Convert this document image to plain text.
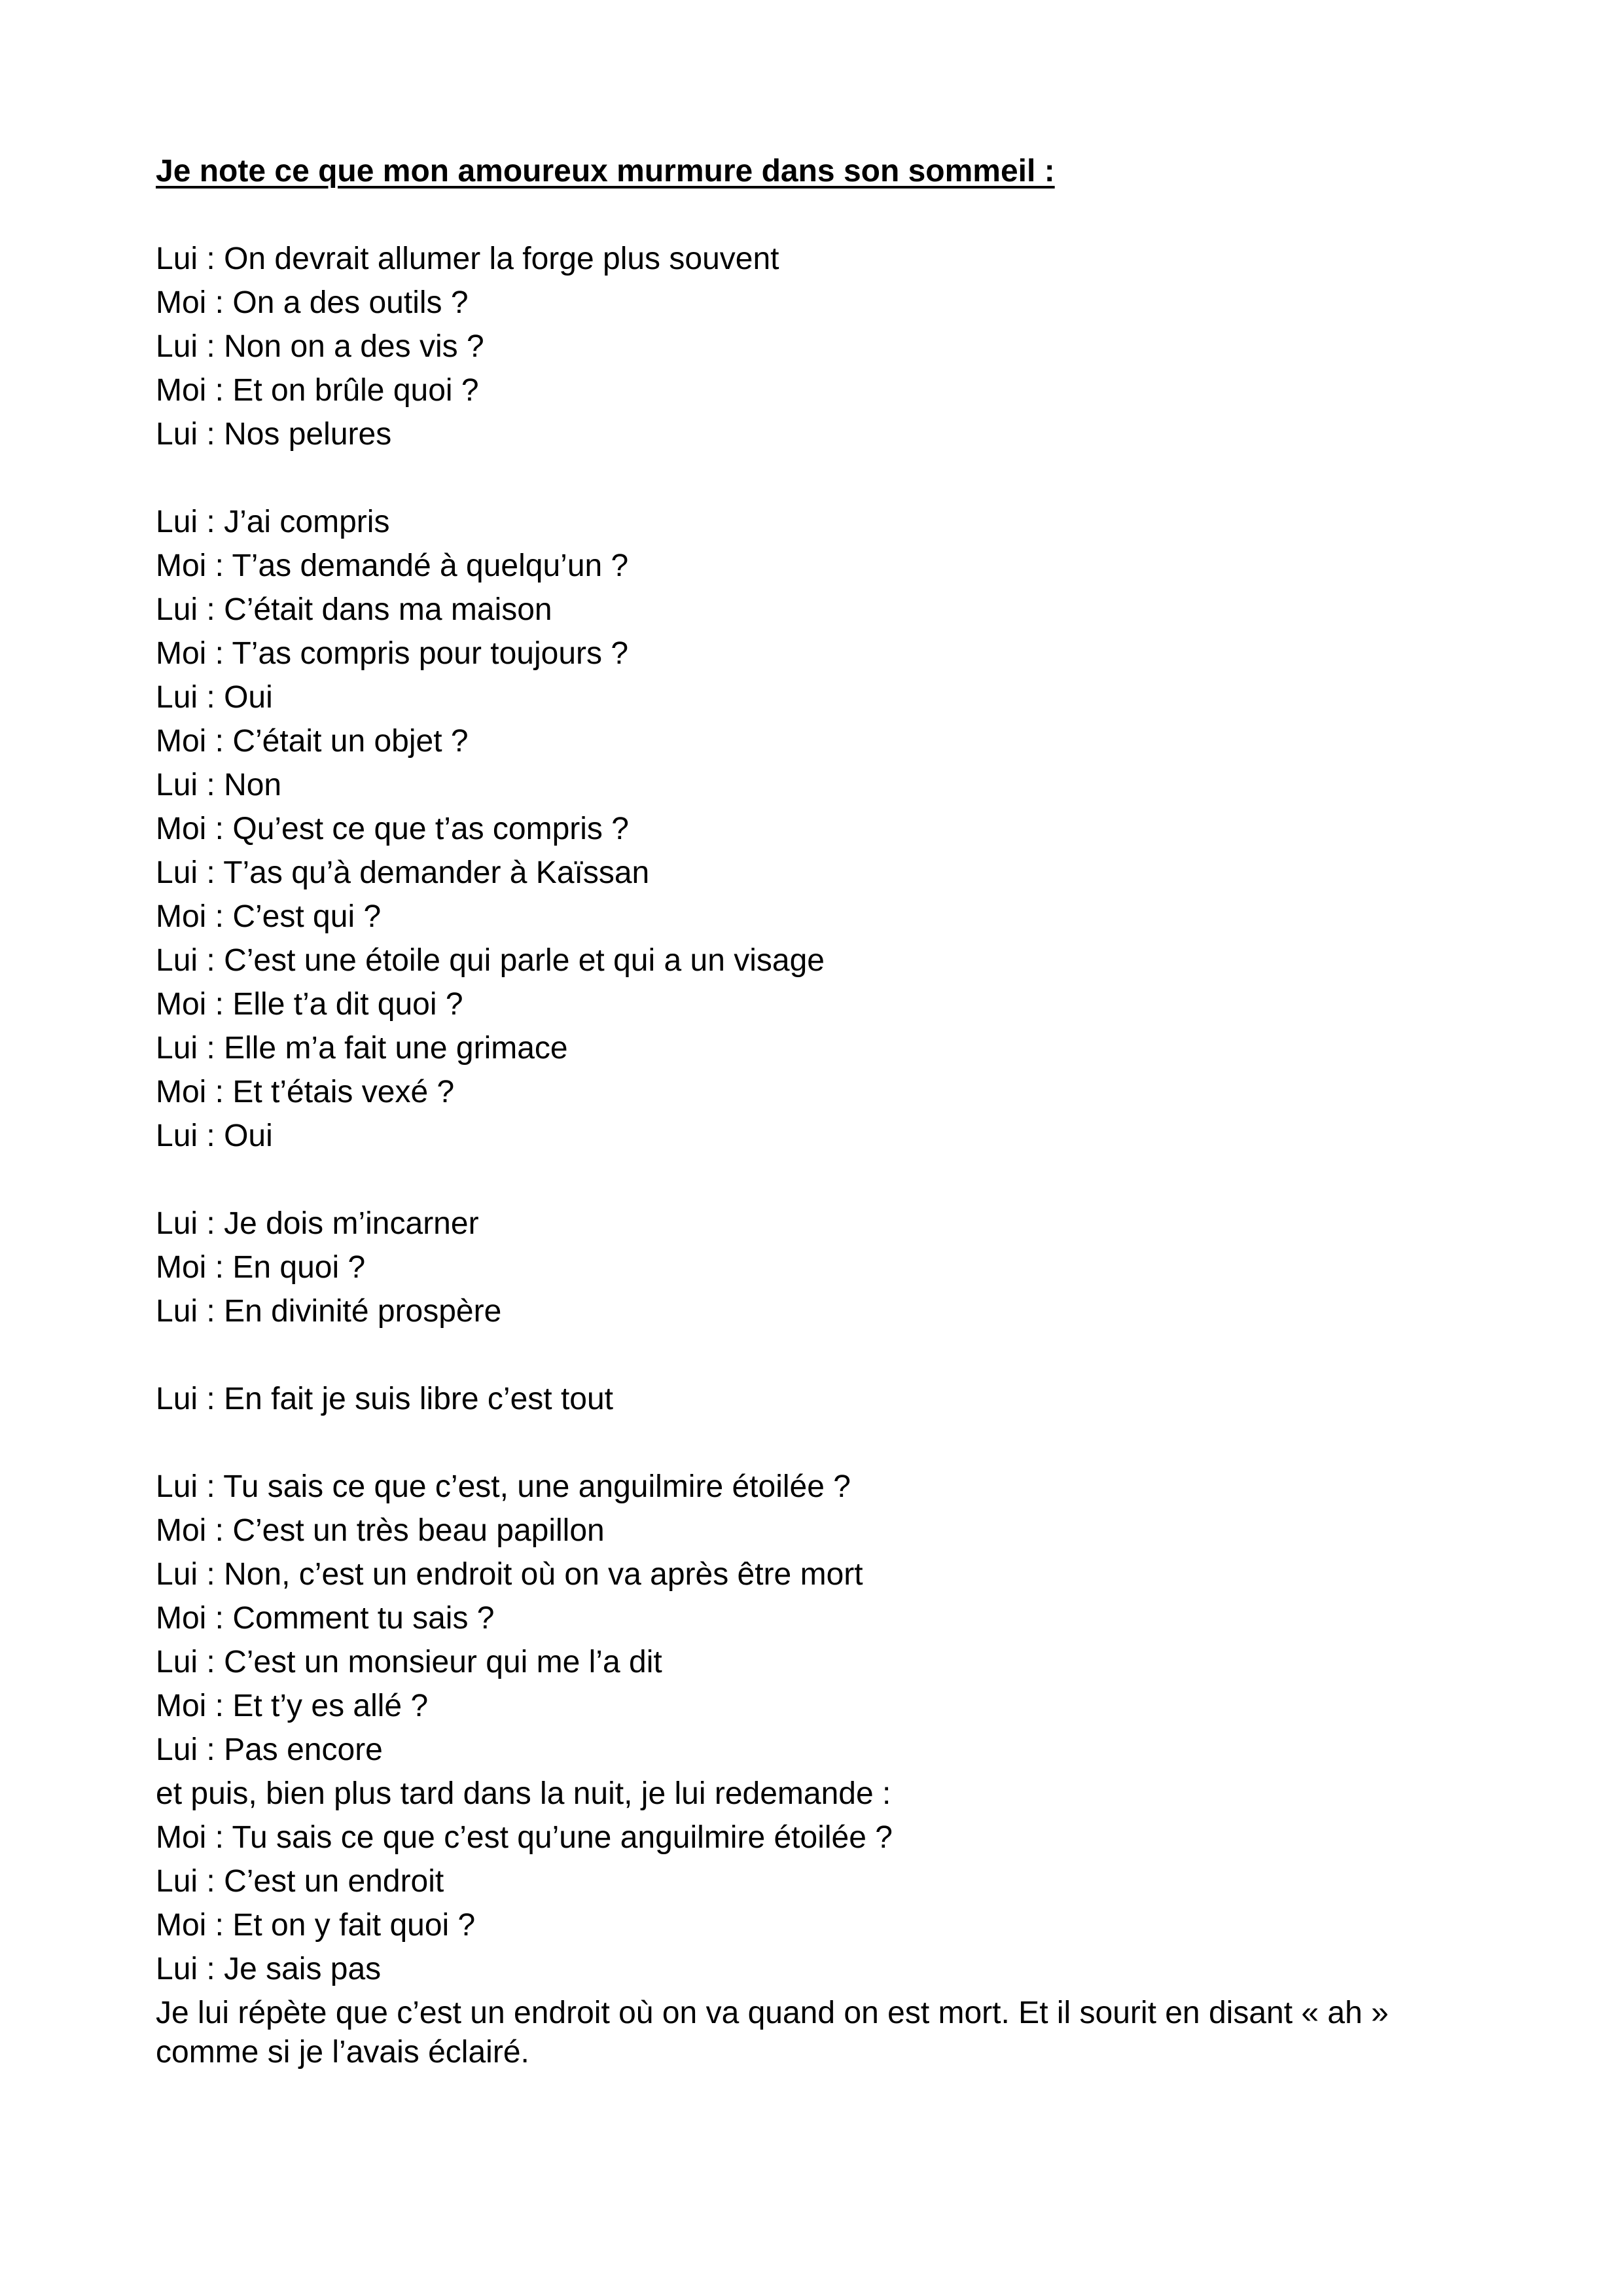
Je note ce que mon amoureux murmure dans son sommeil :
Lui : On devrait allumer la forge plus souvent
Moi : On a des outils ?
Lui : Non on a des vis ?
Moi : Et on brûle quoi ?
Lui : Nos pelures
Lui : J’ai compris
Moi : T’as demandé à quelqu’un ?
Lui : C’était dans ma maison
Moi : T’as compris pour toujours ?
Lui : Oui
Moi : C’était un objet ?
Lui : Non
Moi : Qu’est ce que t’as compris ?
Lui : T’as qu’à demander à Kaïssan
Moi : C’est qui ?
Lui : C’est une étoile qui parle et qui a un visage
Moi : Elle t’a dit quoi ?
Lui : Elle m’a fait une grimace
Moi : Et t’étais vexé ?
Lui : Oui
Lui : Je dois m’incarner
Moi : En quoi ?
Lui : En divinité prospère
Lui : En fait je suis libre c’est tout
Lui : Tu sais ce que c’est, une anguilmire étoilée ?
Moi : C’est un très beau papillon
Lui : Non, c’est un endroit où on va après être mort
Moi : Comment tu sais ?
Lui : C’est un monsieur qui me l’a dit
Moi : Et t’y es allé ?
Lui : Pas encore
et puis, bien plus tard dans la nuit, je lui redemande :
Moi : Tu sais ce que c’est qu’une anguilmire étoilée ?
Lui : C’est un endroit
Moi : Et on y fait quoi ?
Lui : Je sais pas
Je lui répète que c’est un endroit où on va quand on est mort. Et il sourit en disant « ah » comme si je l’avais éclairé.
